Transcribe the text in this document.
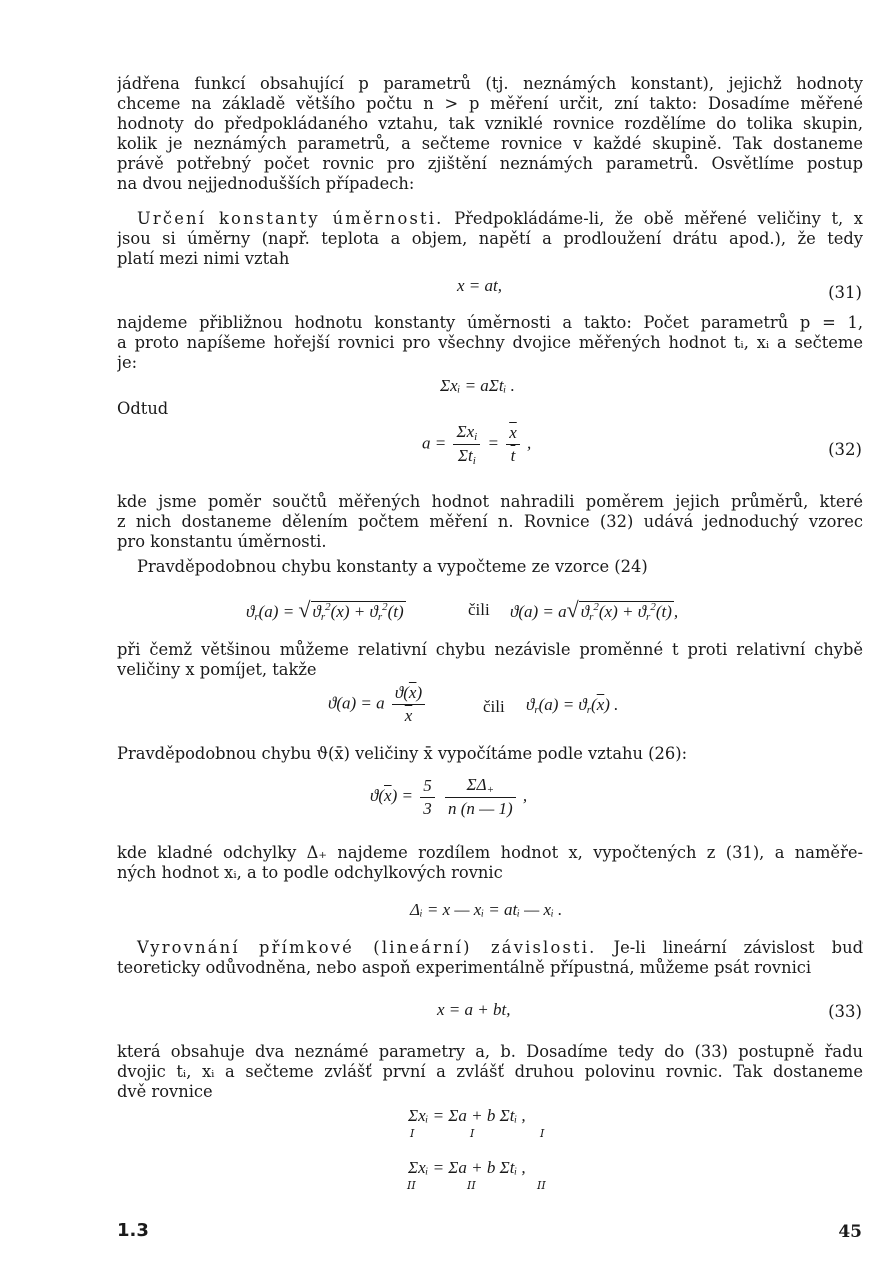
jádřena funkcí obsahující p parametrů (tj. neznámých konstant), jejichž hodnoty
chceme na základě většího počtu n > p měření určit, zní takto: Dosadíme měřené
hodnoty do předpokládaného vztahu, tak vzniklé rovnice rozdělíme do tolika skupin,
kolik je neznámých parametrů, a sečteme rovnice v každé skupině. Tak dostaneme
právě potřebný počet rovnic pro zjištění neznámých parametrů. Osvětlíme postup
na dvou nejjednodušších případech:
Určení konstanty úměrnosti. Předpokládáme-li, že obě měřené veličiny t, x
jsou si úměrny (např. teplota a objem, napětí a prodloužení drátu apod.), že tedy
platí mezi nimi vztah
x = at,	(31)
najdeme přibližnou hodnotu konstanty úměrnosti a takto: Počet parametrů p = 1,
a proto napíšeme hořejší rovnici pro všechny dvojice měřených hodnot tᵢ, xᵢ a sečteme
je:
Σxᵢ = aΣtᵢ .
Odtud
$a = \frac{\Sigma x_i}{\Sigma t_i} = \frac{\overline{x}}{t}$ ,	(32)
kde jsme poměr součtů měřených hodnot nahradili poměrem jejich průměrů, které
z nich dostaneme dělením počtem měření n. Rovnice (32) udává jednoduchý vzorec
pro konstantu úměrnosti.
Pravděpodobnou chybu konstanty a vypočteme ze vzorce (24)
$ϑ_r(a)$ = √ $ϑ_r^2(\overline{x}) + ϑ_r^2(\overline{t})$	čili ϑ(a) = a√ $ϑ_r^2(\overline{x}) + ϑ_r^2(\overline{t})$ ,
při čemž většinou můžeme relativní chybu nezávisle proměnné t proti relativní chybě
veličiny x pomíjet, takže
ϑ(a) = a $\frac{ϑ(\overline{x})}{x}$	čili $ϑ_r(a) = ϑ_r(\overline{x})$ .
Pravděpodobnou chybu ϑ(x̄) veličiny x̄ vypočítáme podle vztahu (26):
$ϑ(\overline{x}) = \frac{5}{3}$
$\frac{\Sigma\Delta_+}{n (n — 1)}$ ,
kde kladné odchylky Δ₊ najdeme rozdílem hodnot x, vypočtených z (31), a naměře-
ných hodnot xᵢ, a to podle odchylkových rovnic
Δᵢ = x — xᵢ = atᵢ — xᵢ .
Vyrovnání přímkové (lineární) závislosti. Je-li lineární závislost buď
teoreticky odůvodněna, nebo aspoň experimentálně přípustná, můžeme psát rovnici
x = a + bt,	(33)
která obsahuje dva neznámé parametry a, b. Dosadíme tedy do (33) postupně řadu
dvojic tᵢ, xᵢ a sečteme zvlášť první a zvlášť druhou polovinu rovnic. Tak dostaneme
dvě rovnice
Σxᵢ = Σa + b Σtᵢ ,
I	I	I
Σxᵢ = Σa + b Σtᵢ ,
II	II	II
1.3	45
